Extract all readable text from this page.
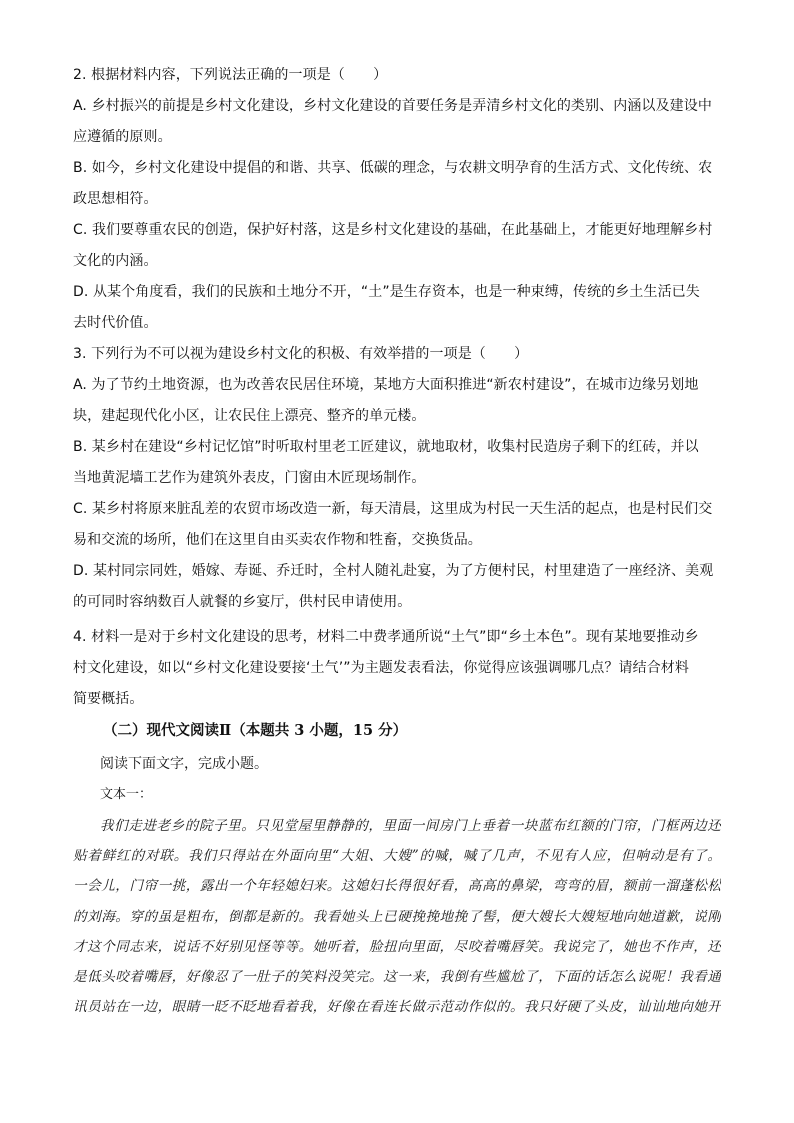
2. 根据材料内容，下列说法正确的一项是（　　）
A. 乡村振兴的前提是乡村文化建设，乡村文化建设的首要任务是弄清乡村文化的类别、内涵以及建设中
应遵循的原则。
B. 如今，乡村文化建设中提倡的和谐、共享、低碳的理念，与农耕文明孕育的生活方式、文化传统、农
政思想相符。
C. 我们要尊重农民的创造，保护好村落，这是乡村文化建设的基础，在此基础上，才能更好地理解乡村
文化的内涵。
D. 从某个角度看，我们的民族和土地分不开，“土”是生存资本，也是一种束缚，传统的乡土生活已失
去时代价值。
3. 下列行为不可以视为建设乡村文化的积极、有效举措的一项是（　　）
A. 为了节约土地资源，也为改善农民居住环境，某地方大面积推进“新农村建设”，在城市边缘另划地
块，建起现代化小区，让农民住上漂亮、整齐的单元楼。
B. 某乡村在建设“乡村记忆馆”时听取村里老工匠建议，就地取材，收集村民造房子剩下的红砖，并以
当地黄泥墙工艺作为建筑外表皮，门窗由木匠现场制作。
C. 某乡村将原来脏乱差的农贸市场改造一新，每天清晨，这里成为村民一天生活的起点，也是村民们交
易和交流的场所，他们在这里自由买卖农作物和牲畜，交换货品。
D. 某村同宗同姓，婚嫁、寿诞、乔迁时，全村人随礼赴宴，为了方便村民，村里建造了一座经济、美观
的可同时容纳数百人就餐的乡宴厅，供村民申请使用。
4. 材料一是对于乡村文化建设的思考，材料二中费孝通所说“土气”即“乡土本色”。现有某地要推动乡
村文化建设，如以“乡村文化建设要接‘土气’”为主题发表看法，你觉得应该强调哪几点？请结合材料
简要概括。
（二）现代文阅读Ⅱ（本题共 3 小题，15 分）
阅读下面文字，完成小题。
文本一：
我们走进老乡的院子里。只见堂屋里静静的，里面一间房门上垂着一块蓝布红额的门帘，门框两边还
贴着鲜红的对联。我们只得站在外面向里“大姐、大嫂”的喊，喊了几声，不见有人应，但响动是有了。
一会儿，门帘一挑，露出一个年轻媳妇来。这媳妇长得很好看，高高的鼻梁，弯弯的眉，额前一溜蓬松松
的刘海。穿的虽是粗布，倒都是新的。我看她头上已硬挽挽地挽了髻，便大嫂长大嫂短地向她道歉，说刚
才这个同志来，说话不好别见怪等等。她听着，脸扭向里面，尽咬着嘴唇笑。我说完了，她也不作声，还
是低头咬着嘴唇，好像忍了一肚子的笑料没笑完。这一来，我倒有些尴尬了，下面的话怎么说呢！我看通
讯员站在一边，眼睛一眨不眨地看着我，好像在看连长做示范动作似的。我只好硬了头皮，讪讪地向她开
